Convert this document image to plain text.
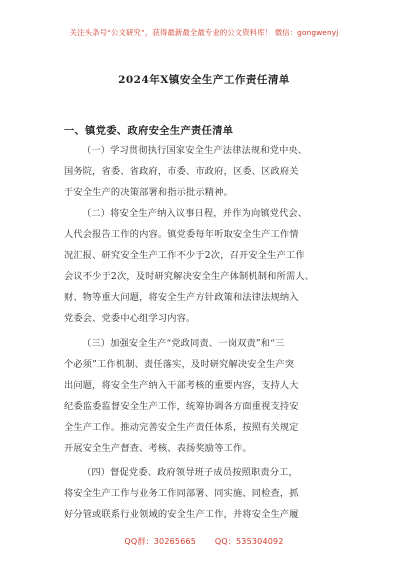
关注头条号“公文研究”，获得最新最全最专业的公文资料库！ 微信：gongwenyj
2024年X镇安全生产工作责任清单
一、镇党委、政府安全生产责任清单
（一）学习贯彻执行国家安全生产法律法规和党中央、
国务院，省委、省政府，市委、市政府，区委、区政府关
于安全生产的决策部署和指示批示精神。
（二）将安全生产纳入议事日程，并作为向镇党代会、
人代会报告工作的内容。镇党委每年听取安全生产工作情
况汇报、研究安全生产工作不少于2次，召开安全生产工作
会议不少于2次，及时研究解决安全生产体制机制和所需人、
财、物等重大问题，将安全生产方针政策和法律法规纳入
党委会、党委中心组学习内容。
（三）加强安全生产“党政同责、一岗双责”和“三
个必须”工作机制、责任落实，及时研究解决安全生产突
出问题，将安全生产纳入干部考核的重要内容，支持人大
纪委监委监督安全生产工作，统筹协调各方面重视支持安
全生产工作。推动完善安全生产责任体系，按照有关规定
开展安全生产督查、考核、表扬奖励等工作。
（四）督促党委、政府领导班子成员按照职责分工，
将安全生产工作与业务工作同部署、同实施、同检查，抓
好分管或联系行业领域的安全生产工作，并将安全生产履
QQ群：30265665 QQ：535304092
